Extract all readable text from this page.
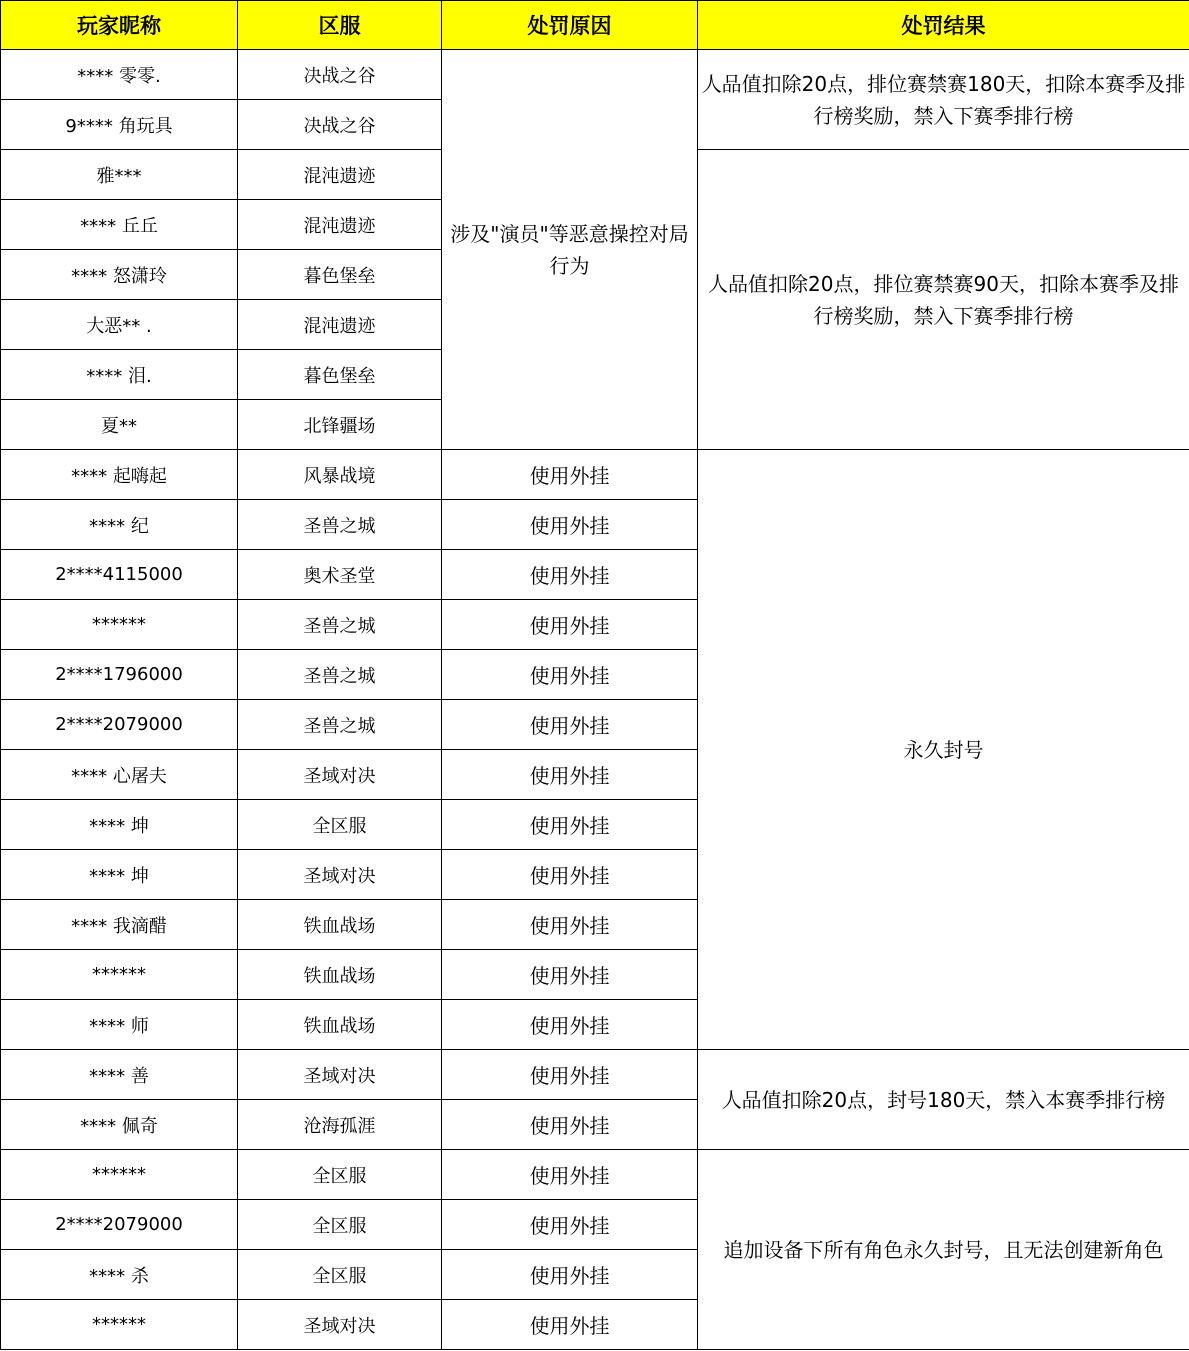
玩家昵称	区服	处罚原因	处罚结果
**** 零零.	决战之谷	涉及"演员"等恶意操控对局行为	人品值扣除20点，排位赛禁赛180天，扣除本赛季及排行榜奖励，禁入下赛季排行榜
9**** 角玩具	决战之谷		
雅***	混沌遗迹		人品值扣除20点，排位赛禁赛90天，扣除本赛季及排行榜奖励，禁入下赛季排行榜
**** 丘丘	混沌遗迹		
**** 怒潇玲	暮色堡垒		
大恶** .	混沌遗迹		
**** 泪.	暮色堡垒		
夏**	北锋疆场		
**** 起嗨起	风暴战境	使用外挂	永久封号
**** 纪	圣兽之城	使用外挂	
2****4115000	奥术圣堂	使用外挂	
******	圣兽之城	使用外挂	
2****1796000	圣兽之城	使用外挂	
2****2079000	圣兽之城	使用外挂	
**** 心屠夫	圣域对决	使用外挂	
**** 坤	全区服	使用外挂	
**** 坤	圣域对决	使用外挂	
**** 我滴醋	铁血战场	使用外挂	
******	铁血战场	使用外挂	
**** 师	铁血战场	使用外挂	
**** 善	圣域对决	使用外挂	人品值扣除20点，封号180天，禁入本赛季排行榜
**** 佩奇	沧海孤涯	使用外挂	
******	全区服	使用外挂	追加设备下所有角色永久封号，且无法创建新角色
2****2079000	全区服	使用外挂	
**** 杀	全区服	使用外挂	
******	圣域对决	使用外挂	
